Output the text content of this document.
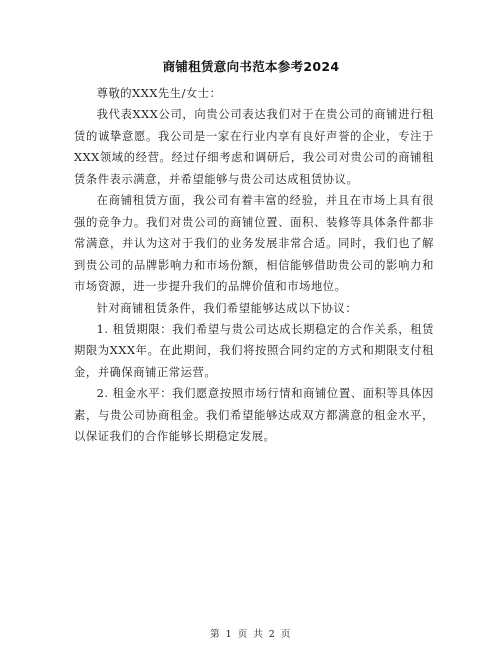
商铺租赁意向书范本参考2024

尊敬的XXX先生/女士：

我代表XXX公司，向贵公司表达我们对于在贵公司的商铺进行租赁的诚挚意愿。我公司是一家在行业内享有良好声誉的企业，专注于XXX领域的经营。经过仔细考虑和调研后，我公司对贵公司的商铺租赁条件表示满意，并希望能够与贵公司达成租赁协议。

在商铺租赁方面，我公司有着丰富的经验，并且在市场上具有很强的竞争力。我们对贵公司的商铺位置、面积、装修等具体条件都非常满意，并认为这对于我们的业务发展非常合适。同时，我们也了解到贵公司的品牌影响力和市场份额，相信能够借助贵公司的影响力和市场资源，进一步提升我们的品牌价值和市场地位。

针对商铺租赁条件，我们希望能够达成以下协议：

1. 租赁期限：我们希望与贵公司达成长期稳定的合作关系，租赁期限为XXX年。在此期间，我们将按照合同约定的方式和期限支付租金，并确保商铺正常运营。

2. 租金水平：我们愿意按照市场行情和商铺位置、面积等具体因素，与贵公司协商租金。我们希望能够达成双方都满意的租金水平，以保证我们的合作能够长期稳定发展。

第 1 页 共 2 页
